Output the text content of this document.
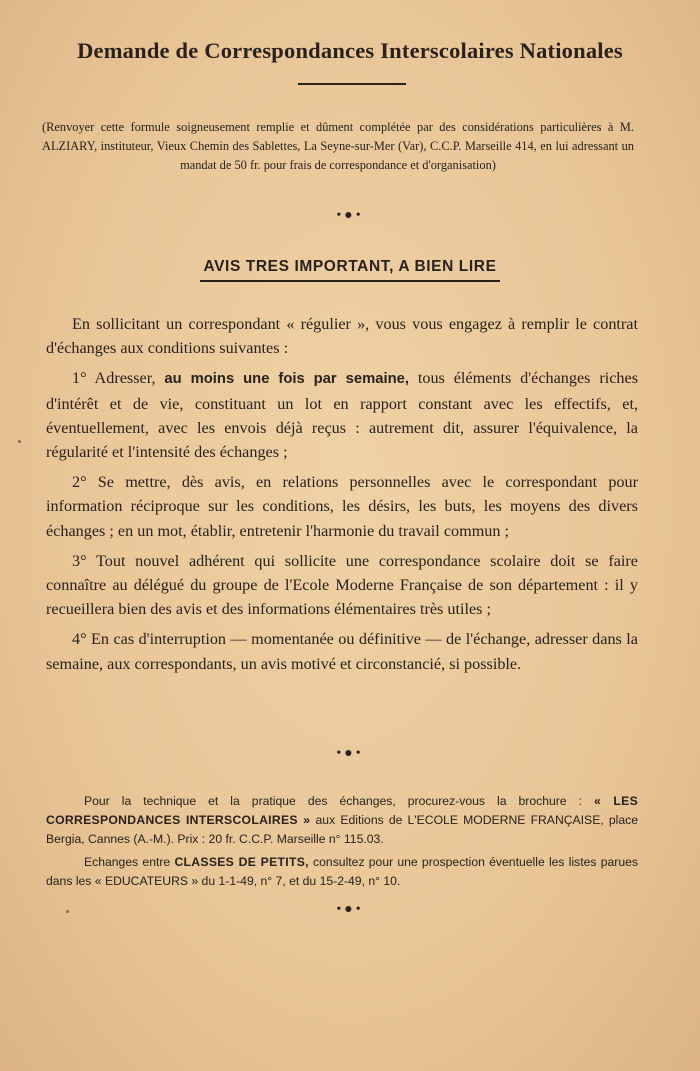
Demande de Correspondances Interscolaires Nationales
(Renvoyer cette formule soigneusement remplie et dûment complétée par des considérations particulières à M. ALZIARY, instituteur, Vieux Chemin des Sablettes, La Seyne-sur-Mer (Var), C.C.P. Marseille 414, en lui adressant un mandat de 50 fr. pour frais de correspondance et d'organisation)
•●•
AVIS TRES IMPORTANT, A BIEN LIRE

En sollicitant un correspondant « régulier », vous vous engagez à remplir le contrat d'échanges aux conditions suivantes :

1° Adresser, au moins une fois par semaine, tous éléments d'échanges riches d'intérêt et de vie, constituant un lot en rapport constant avec les effectifs, et, éventuellement, avec les envois déjà reçus : autrement dit, assurer l'équivalence, la régularité et l'intensité des échanges ;

2° Se mettre, dès avis, en relations personnelles avec le correspondant pour information réciproque sur les conditions, les désirs, les buts, les moyens des divers échanges ; en un mot, établir, entretenir l'harmonie du travail commun ;

3° Tout nouvel adhérent qui sollicite une correspondance scolaire doit se faire connaître au délégué du groupe de l'Ecole Moderne Française de son département : il y recueillera bien des avis et des informations élémentaires très utiles ;

4° En cas d'interruption — momentanée ou définitive — de l'échange, adresser dans la semaine, aux correspondants, un avis motivé et circonstancié, si possible.

•●•

Pour la technique et la pratique des échanges, procurez-vous la brochure : « LES CORRESPONDANCES INTERSCOLAIRES » aux Editions de L'ECOLE MODERNE FRANÇAISE, place Bergia, Cannes (A.-M.). Prix : 20 fr. C.C.P. Marseille n° 115.03.

Echanges entre CLASSES DE PETITS, consultez pour une prospection éventuelle les listes parues dans les « EDUCATEURS » du 1-1-49, n° 7, et du 15-2-49, n° 10.

•●•
